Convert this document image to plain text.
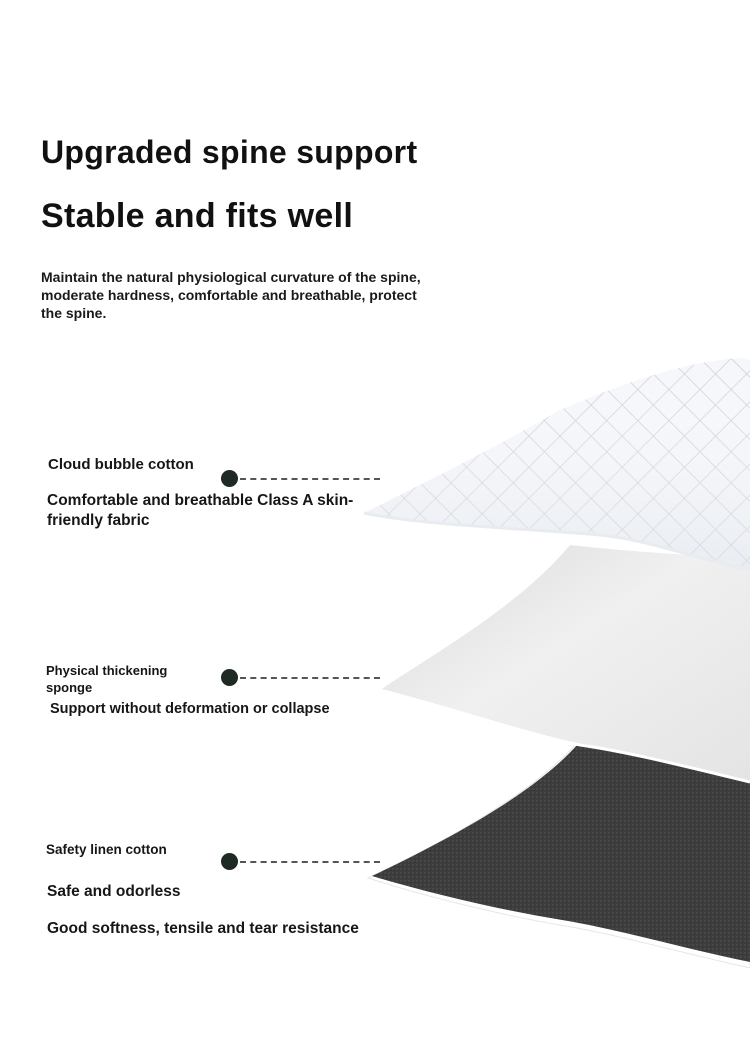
Upgraded spine support
Stable and fits well
Maintain the natural physiological curvature of the spine, moderate hardness, comfortable and breathable, protect the spine.
Cloud bubble cotton
Comfortable and breathable Class A skin-friendly fabric
Physical thickening sponge
Support without deformation or collapse
Safety linen cotton
Safe and odorless
Good softness, tensile and tear resistance
